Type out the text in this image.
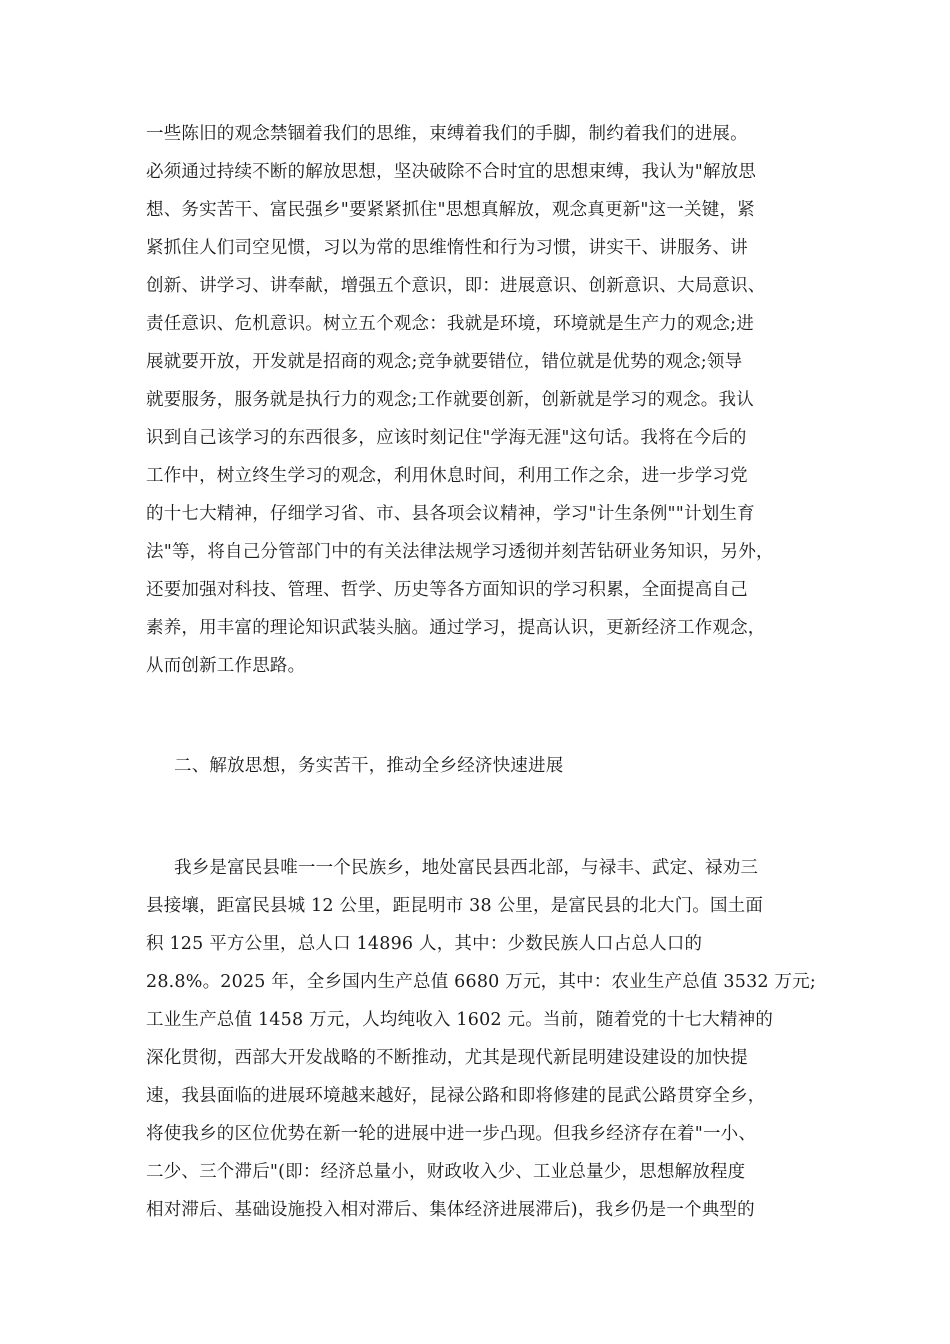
一些陈旧的观念禁锢着我们的思维，束缚着我们的手脚，制约着我们的进展。
必须通过持续不断的解放思想，坚决破除不合时宜的思想束缚，我认为"解放思
想、务实苦干、富民强乡"要紧紧抓住"思想真解放，观念真更新"这一关键，紧
紧抓住人们司空见惯，习以为常的思维惰性和行为习惯，讲实干、讲服务、讲
创新、讲学习、讲奉献，增强五个意识，即：进展意识、创新意识、大局意识、
责任意识、危机意识。树立五个观念：我就是环境，环境就是生产力的观念;进
展就要开放，开发就是招商的观念;竞争就要错位，错位就是优势的观念;领导
就要服务，服务就是执行力的观念;工作就要创新，创新就是学习的观念。我认
识到自己该学习的东西很多，应该时刻记住"学海无涯"这句话。我将在今后的
工作中，树立终生学习的观念，利用休息时间，利用工作之余，进一步学习党
的十七大精神，仔细学习省、市、县各项会议精神，学习"计生条例""计划生育
法"等，将自己分管部门中的有关法律法规学习透彻并刻苦钻研业务知识，另外，
还要加强对科技、管理、哲学、历史等各方面知识的学习积累，全面提高自己
素养，用丰富的理论知识武装头脑。通过学习，提高认识，更新经济工作观念，
从而创新工作思路。
二、解放思想，务实苦干，推动全乡经济快速进展
我乡是富民县唯一一个民族乡，地处富民县西北部，与禄丰、武定、禄劝三
县接壤，距富民县城 12 公里，距昆明市 38 公里，是富民县的北大门。国土面
积 125 平方公里，总人口 14896 人，其中：少数民族人口占总人口的
28.8%。2025 年，全乡国内生产总值 6680 万元，其中：农业生产总值 3532 万元;
工业生产总值 1458 万元，人均纯收入 1602 元。当前，随着党的十七大精神的
深化贯彻，西部大开发战略的不断推动，尤其是现代新昆明建设建设的加快提
速，我县面临的进展环境越来越好，昆禄公路和即将修建的昆武公路贯穿全乡，
将使我乡的区位优势在新一轮的进展中进一步凸现。但我乡经济存在着"一小、
二少、三个滞后"(即：经济总量小，财政收入少、工业总量少，思想解放程度
相对滞后、基础设施投入相对滞后、集体经济进展滞后)，我乡仍是一个典型的
